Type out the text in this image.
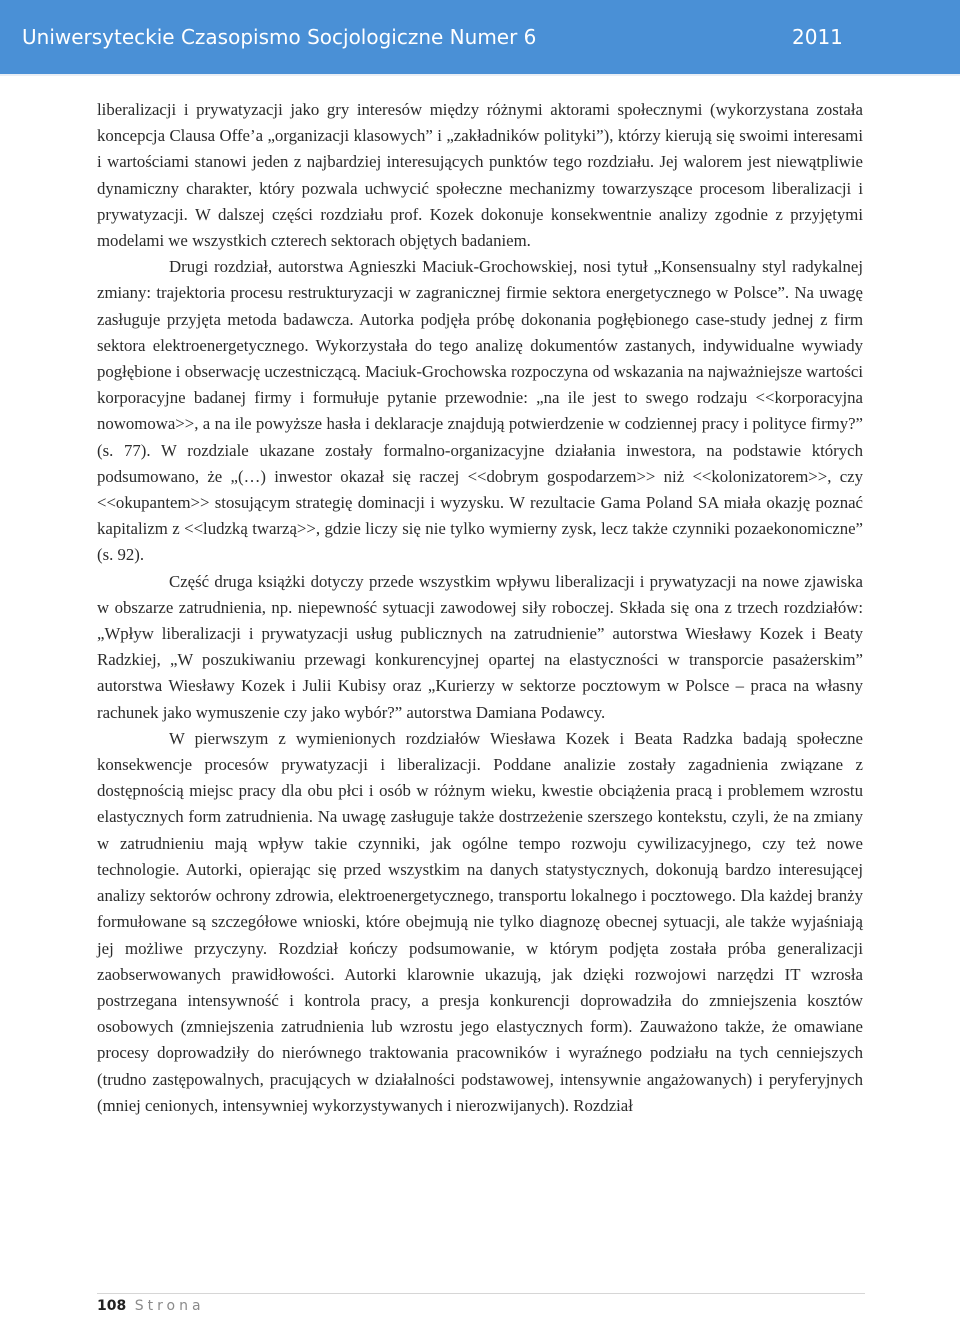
Uniwersyteckie Czasopismo Socjologiczne Numer 6	2011

liberalizacji i prywatyzacji jako gry interesów między różnymi aktorami społecznymi (wykorzystana została koncepcja Clausa Offe’a „organizacji klasowych” i „zakładników polityki”), którzy kierują się swoimi interesami i wartościami stanowi jeden z najbardziej interesujących punktów tego rozdziału. Jej walorem jest niewątpliwie dynamiczny charakter, który pozwala uchwycić społeczne mechanizmy towarzyszące procesom liberalizacji i prywatyzacji. W dalszej części rozdziału prof. Kozek dokonuje konsekwentnie analizy zgodnie z przyjętymi modelami we wszystkich czterech sektorach objętych badaniem.

Drugi rozdział, autorstwa Agnieszki Maciuk-Grochowskiej, nosi tytuł „Konsensualny styl radykalnej zmiany: trajektoria procesu restrukturyzacji w zagranicznej firmie sektora energetycznego w Polsce”. Na uwagę zasługuje przyjęta metoda badawcza. Autorka podjęła próbę dokonania pogłębionego case-study jednej z firm sektora elektroenergetycznego. Wykorzystała do tego analizę dokumentów zastanych, indywidualne wywiady pogłębione i obserwację uczestniczącą. Maciuk-Grochowska rozpoczyna od wskazania na najważniejsze wartości korporacyjne badanej firmy i formułuje pytanie przewodnie: „na ile jest to swego rodzaju <<korporacyjna nowomowa>>, a na ile powyższe hasła i deklaracje znajdują potwierdzenie w codziennej pracy i polityce firmy?” (s. 77). W rozdziale ukazane zostały formalno-organizacyjne działania inwestora, na podstawie których podsumowano, że „(…) inwestor okazał się raczej <<dobrym gospodarzem>> niż <<kolonizatorem>>, czy <<okupantem>> stosującym strategię dominacji i wyzysku. W rezultacie Gama Poland SA miała okazję poznać kapitalizm z <<ludzką twarzą>>, gdzie liczy się nie tylko wymierny zysk, lecz także czynniki pozaekonomiczne” (s. 92).

Część druga książki dotyczy przede wszystkim wpływu liberalizacji i prywatyzacji na nowe zjawiska w obszarze zatrudnienia, np. niepewność sytuacji zawodowej siły roboczej. Składa się ona z trzech rozdziałów: „Wpływ liberalizacji i prywatyzacji usług publicznych na zatrudnienie” autorstwa Wiesławy Kozek i Beaty Radzkiej, „W poszukiwaniu przewagi konkurencyjnej opartej na elastyczności w transporcie pasażerskim” autorstwa Wiesławy Kozek i Julii Kubisy oraz „Kurierzy w sektorze pocztowym w Polsce – praca na własny rachunek jako wymuszenie czy jako wybór?” autorstwa Damiana Podawcy.

W pierwszym z wymienionych rozdziałów Wiesława Kozek i Beata Radzka badają społeczne konsekwencje procesów prywatyzacji i liberalizacji. Poddane analizie zostały zagadnienia związane z dostępnością miejsc pracy dla obu płci i osób w różnym wieku, kwestie obciążenia pracą i problemem wzrostu elastycznych form zatrudnienia. Na uwagę zasługuje także dostrzeżenie szerszego kontekstu, czyli, że na zmiany w zatrudnieniu mają wpływ takie czynniki, jak ogólne tempo rozwoju cywilizacyjnego, czy też nowe technologie. Autorki, opierając się przed wszystkim na danych statystycznych, dokonują bardzo interesującej analizy sektorów ochrony zdrowia, elektroenergetycznego, transportu lokalnego i pocztowego. Dla każdej branży formułowane są szczegółowe wnioski, które obejmują nie tylko diagnozę obecnej sytuacji, ale także wyjaśniają jej możliwe przyczyny. Rozdział kończy podsumowanie, w którym podjęta została próba generalizacji zaobserwowanych prawidłowości. Autorki klarownie ukazują, jak dzięki rozwojowi narzędzi IT wzrosła postrzegana intensywność i kontrola pracy, a presja konkurencji doprowadziła do zmniejszenia kosztów osobowych (zmniejszenia zatrudnienia lub wzrostu jego elastycznych form). Zauważono także, że omawiane procesy doprowadziły do nierównego traktowania pracowników i wyraźnego podziału na tych cenniejszych (trudno zastępowalnych, pracujących w działalności podstawowej, intensywnie angażowanych) i peryferyjnych (mniej cenionych, intensywniej wykorzystywanych i nierozwijanych). Rozdział

108 Strona
